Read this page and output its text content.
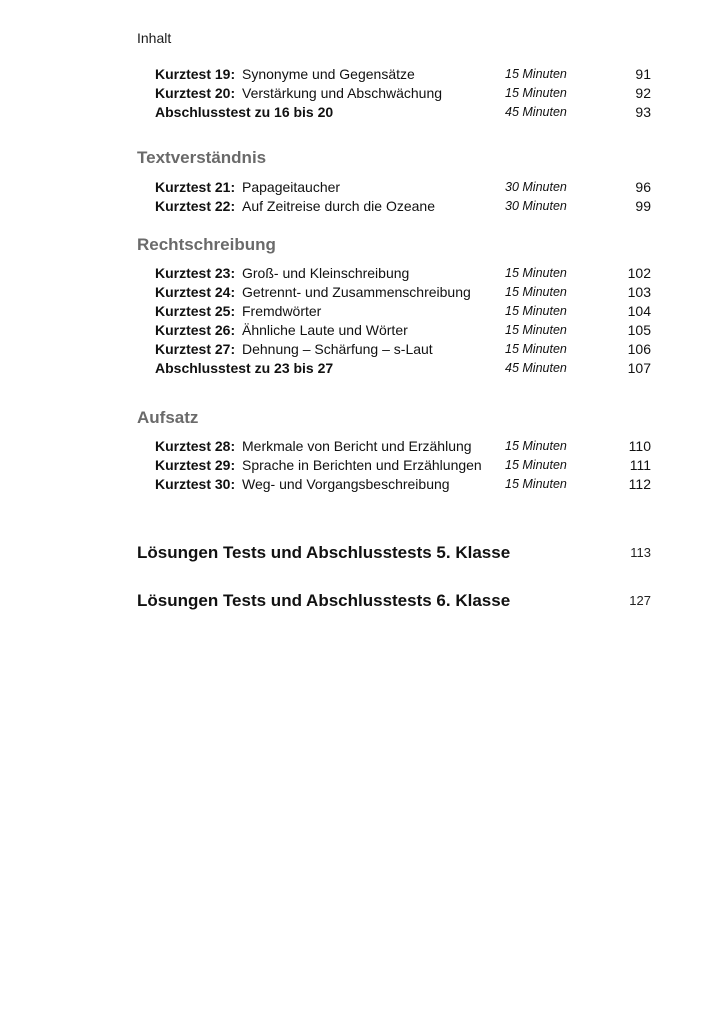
Inhalt
Kurztest 19: Synonyme und Gegensätze	15 Minuten	91
Kurztest 20: Verstärkung und Abschwächung	15 Minuten	92
Abschlusstest zu 16 bis 20	45 Minuten	93
Textverständnis
Kurztest 21: Papageitaucher	30 Minuten	96
Kurztest 22: Auf Zeitreise durch die Ozeane	30 Minuten	99
Rechtschreibung
Kurztest 23: Groß- und Kleinschreibung	15 Minuten	102
Kurztest 24: Getrennt- und Zusammenschreibung	15 Minuten	103
Kurztest 25: Fremdwörter	15 Minuten	104
Kurztest 26: Ähnliche Laute und Wörter	15 Minuten	105
Kurztest 27: Dehnung – Schärfung – s-Laut	15 Minuten	106
Abschlusstest zu 23 bis 27	45 Minuten	107
Aufsatz
Kurztest 28: Merkmale von Bericht und Erzählung	15 Minuten	110
Kurztest 29: Sprache in Berichten und Erzählungen 15 Minuten	111
Kurztest 30: Weg- und Vorgangsbeschreibung	15 Minuten	112
Lösungen Tests und Abschlusstests 5. Klasse	113
Lösungen Tests und Abschlusstests 6. Klasse	127
